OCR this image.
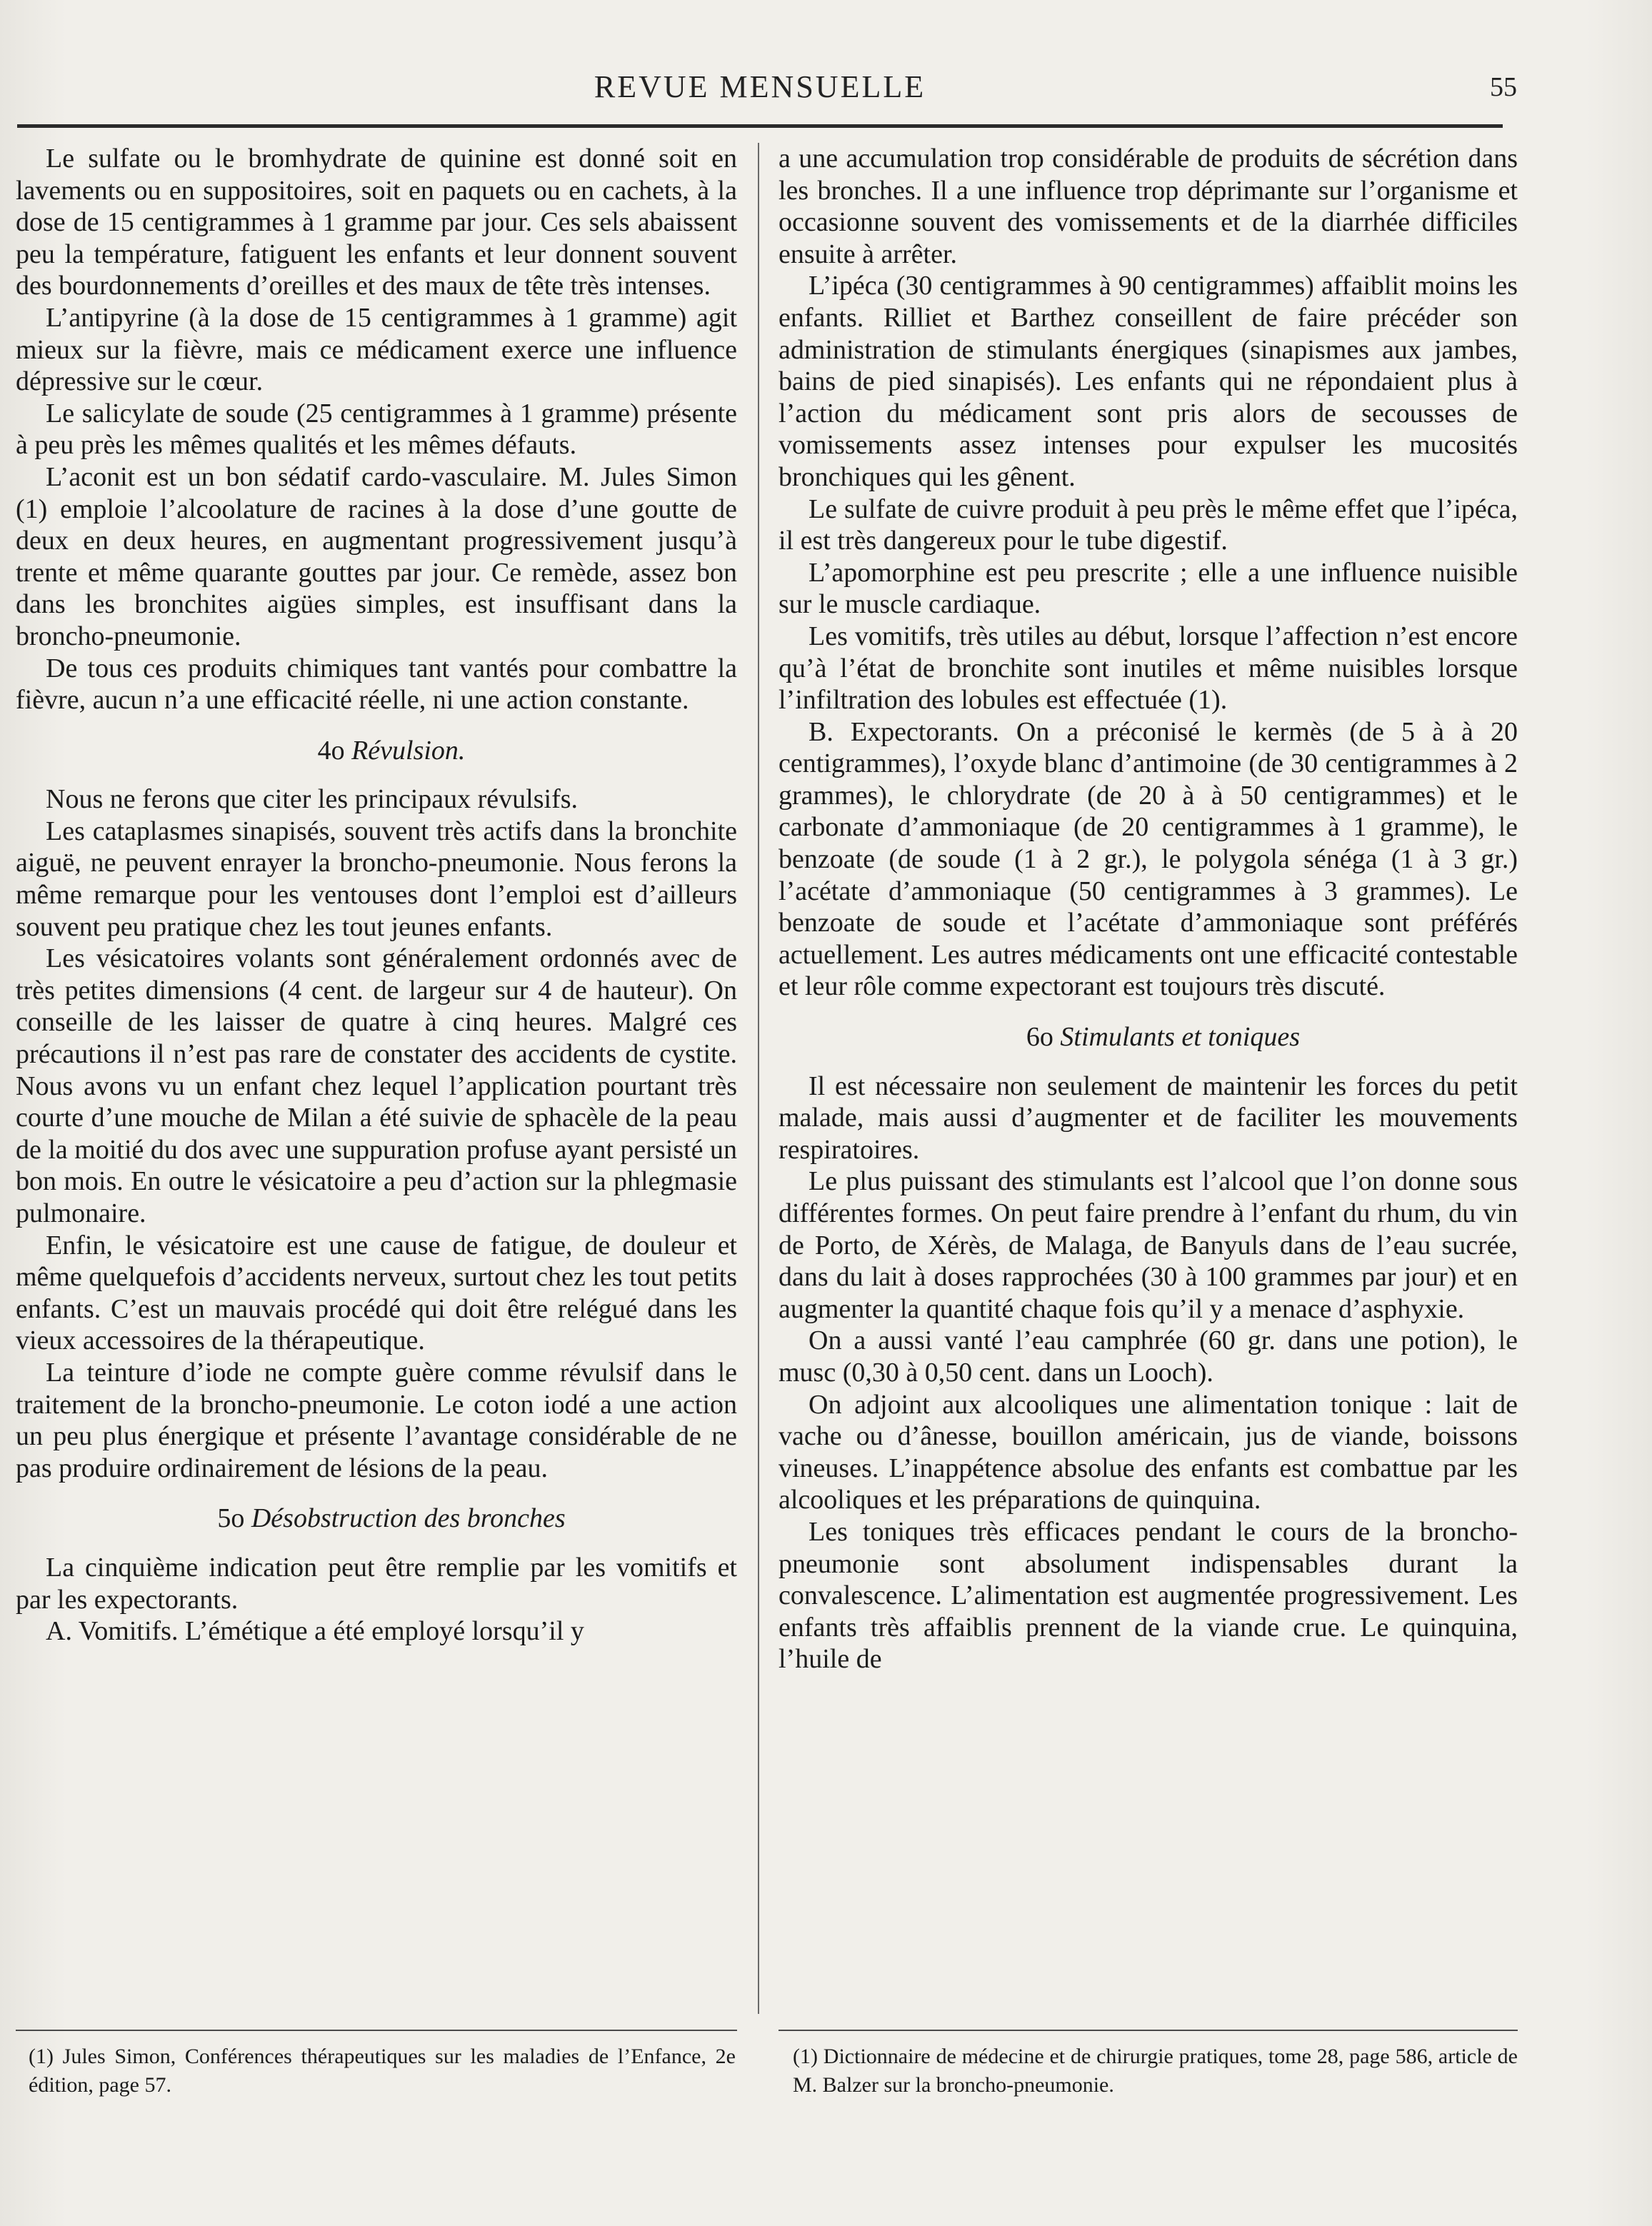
REVUE MENSUELLE	55

Le sulfate ou le bromhydrate de quinine est donné soit en lavements ou en suppositoires, soit en paquets ou en cachets, à la dose de 15 centigrammes à 1 gramme par jour. Ces sels abaissent peu la température, fatiguent les enfants et leur donnent souvent des bourdonnements d’oreilles et des maux de tête très intenses.

L’antipyrine (à la dose de 15 centigrammes à 1 gramme) agit mieux sur la fièvre, mais ce médicament exerce une influence dépressive sur le cœur.

Le salicylate de soude (25 centigrammes à 1 gramme) présente à peu près les mêmes qualités et les mêmes défauts.

L’aconit est un bon sédatif cardo-vasculaire. M. Jules Simon (1) emploie l’alcoolature de racines à la dose d’une goutte de deux en deux heures, en augmentant progressivement jusqu’à trente et même quarante gouttes par jour. Ce remède, assez bon dans les bronchites aigües simples, est insuffisant dans la broncho-pneumonie.

De tous ces produits chimiques tant vantés pour combattre la fièvre, aucun n’a une efficacité réelle, ni une action constante.

4o Révulsion.

Nous ne ferons que citer les principaux révulsifs.

Les cataplasmes sinapisés, souvent très actifs dans la bronchite aiguë, ne peuvent enrayer la broncho-pneumonie. Nous ferons la même remarque pour les ventouses dont l’emploi est d’ailleurs souvent peu pratique chez les tout jeunes enfants.

Les vésicatoires volants sont généralement ordonnés avec de très petites dimensions (4 cent. de largeur sur 4 de hauteur). On conseille de les laisser de quatre à cinq heures. Malgré ces précautions il n’est pas rare de constater des accidents de cystite. Nous avons vu un enfant chez lequel l’application pourtant très courte d’une mouche de Milan a été suivie de sphacèle de la peau de la moitié du dos avec une suppuration profuse ayant persisté un bon mois. En outre le vésicatoire a peu d’action sur la phlegmasie pulmonaire.

Enfin, le vésicatoire est une cause de fatigue, de douleur et même quelquefois d’accidents nerveux, surtout chez les tout petits enfants. C’est un mauvais procédé qui doit être relégué dans les vieux accessoires de la thérapeutique.

La teinture d’iode ne compte guère comme révulsif dans le traitement de la broncho-pneumonie. Le coton iodé a une action un peu plus énergique et présente l’avantage considérable de ne pas produire ordinairement de lésions de la peau.

5o Désobstruction des bronches

La cinquième indication peut être remplie par les vomitifs et par les expectorants.

A. Vomitifs. L’émétique a été employé lorsqu’il y

a une accumulation trop considérable de produits de sécrétion dans les bronches. Il a une influence trop déprimante sur l’organisme et occasionne souvent des vomissements et de la diarrhée difficiles ensuite à arrêter.

L’ipéca (30 centigrammes à 90 centigrammes) affaiblit moins les enfants. Rilliet et Barthez conseillent de faire précéder son administration de stimulants énergiques (sinapismes aux jambes, bains de pied sinapisés). Les enfants qui ne répondaient plus à l’action du médicament sont pris alors de secousses de vomissements assez intenses pour expulser les mucosités bronchiques qui les gênent.

Le sulfate de cuivre produit à peu près le même effet que l’ipéca, il est très dangereux pour le tube digestif.

L’apomorphine est peu prescrite ; elle a une influence nuisible sur le muscle cardiaque.

Les vomitifs, très utiles au début, lorsque l’affection n’est encore qu’à l’état de bronchite sont inutiles et même nuisibles lorsque l’infiltration des lobules est effectuée (1).

B. Expectorants. On a préconisé le kermès (de 5 à à 20 centigrammes), l’oxyde blanc d’antimoine (de 30 centigrammes à 2 grammes), le chlorydrate (de 20 à à 50 centigrammes) et le carbonate d’ammoniaque (de 20 centigrammes à 1 gramme), le benzoate (de soude (1 à 2 gr.), le polygola sénéga (1 à 3 gr.) l’acétate d’ammoniaque (50 centigrammes à 3 grammes). Le benzoate de soude et l’acétate d’ammoniaque sont préférés actuellement. Les autres médicaments ont une efficacité contestable et leur rôle comme expectorant est toujours très discuté.

6o Stimulants et toniques

Il est nécessaire non seulement de maintenir les forces du petit malade, mais aussi d’augmenter et de faciliter les mouvements respiratoires.

Le plus puissant des stimulants est l’alcool que l’on donne sous différentes formes. On peut faire prendre à l’enfant du rhum, du vin de Porto, de Xérès, de Malaga, de Banyuls dans de l’eau sucrée, dans du lait à doses rapprochées (30 à 100 grammes par jour) et en augmenter la quantité chaque fois qu’il y a menace d’asphyxie.

On a aussi vanté l’eau camphrée (60 gr. dans une potion), le musc (0,30 à 0,50 cent. dans un Looch).

On adjoint aux alcooliques une alimentation tonique : lait de vache ou d’ânesse, bouillon américain, jus de viande, boissons vineuses. L’inappétence absolue des enfants est combattue par les alcooliques et les préparations de quinquina.

Les toniques très efficaces pendant le cours de la broncho-pneumonie sont absolument indispensables durant la convalescence. L’alimentation est augmentée progressivement. Les enfants très affaiblis prennent de la viande crue. Le quinquina, l’huile de

(1) Jules Simon, Conférences thérapeutiques sur les maladies de l’Enfance, 2e édition, page 57.
(1) Dictionnaire de médecine et de chirurgie pratiques, tome 28, page 586, article de M. Balzer sur la broncho-pneumonie.
